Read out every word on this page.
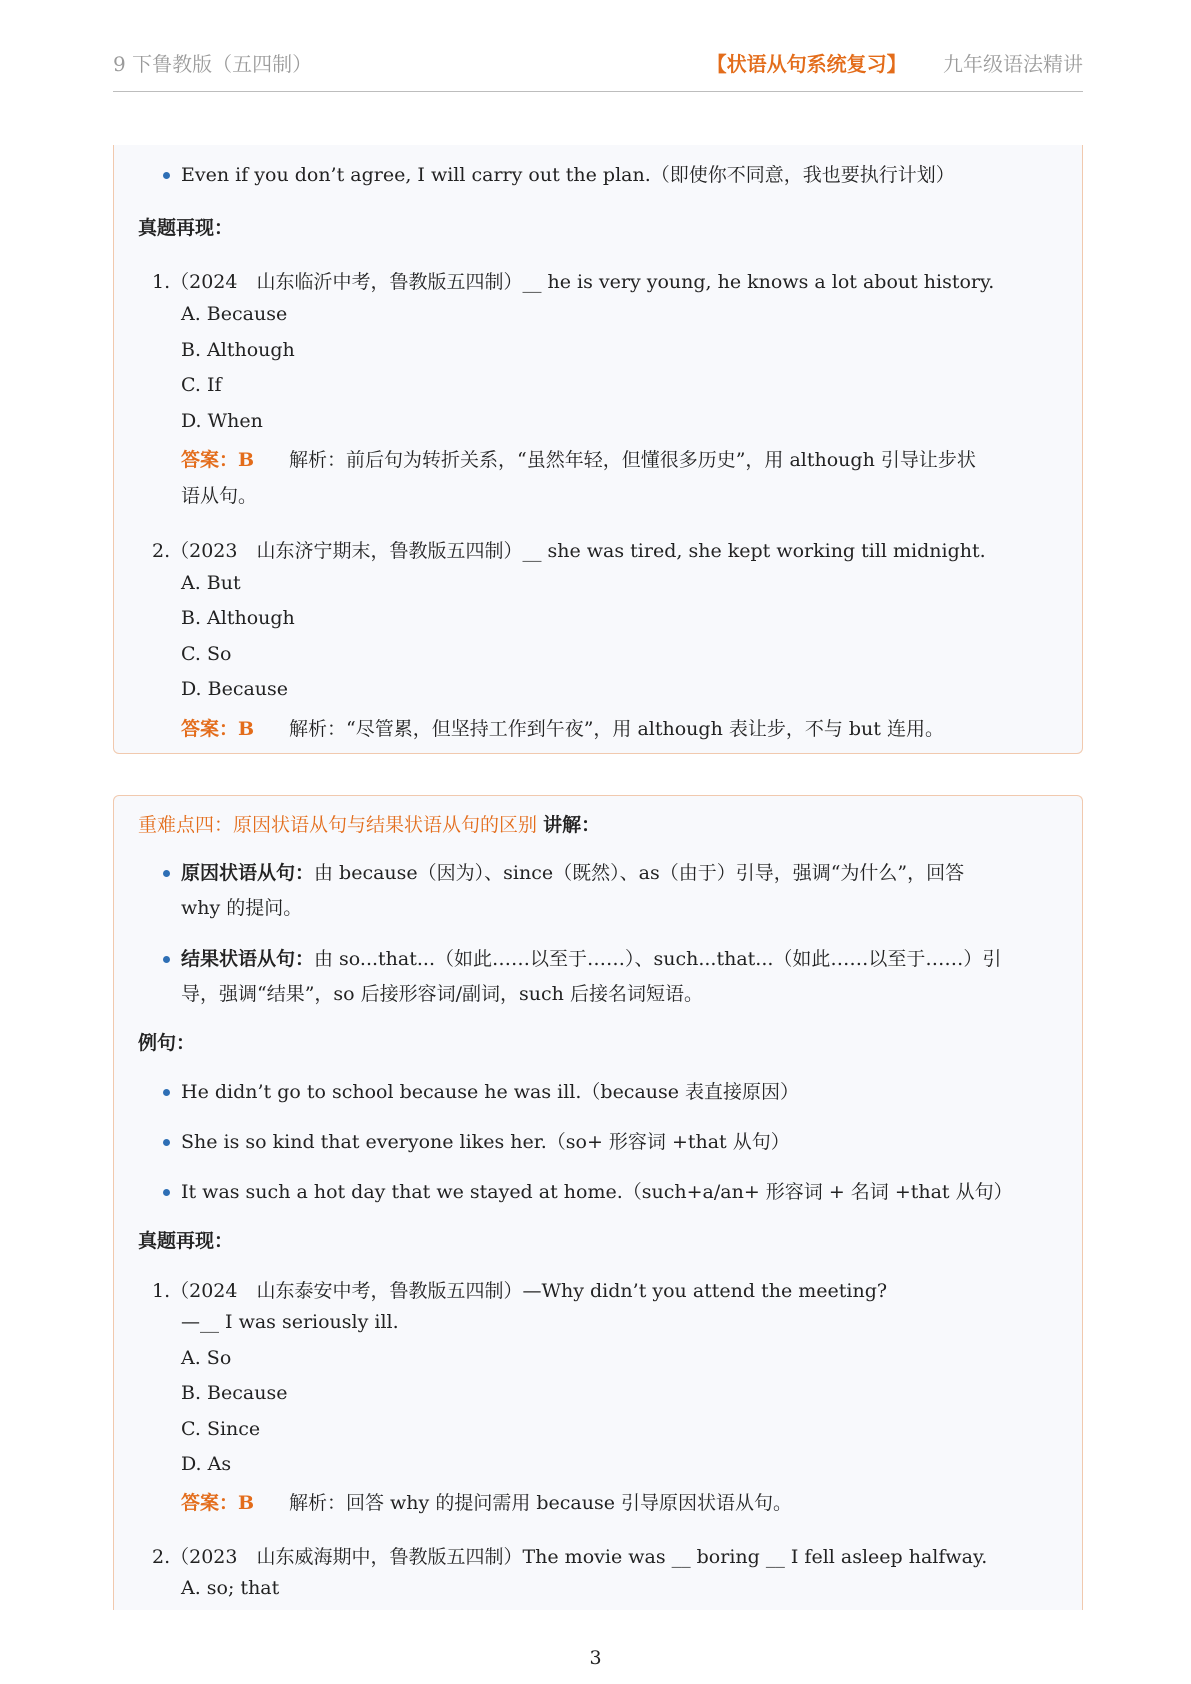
9 下鲁教版（五四制）	【状语从句系统复习】 九年级语法精讲
Even if you don’t agree, I will carry out the plan.（即使你不同意，我也要执行计划）
真题再现：
1.（2024　山东临沂中考，鲁教版五四制）__ he is very young, he knows a lot about history.
A. Because
B. Although
C. If
D. When
答案：B 解析：前后句为转折关系，“虽然年轻，但懂很多历史”，用 although 引导让步状
语从句。
2.（2023　山东济宁期末，鲁教版五四制）__ she was tired, she kept working till midnight.
A. But
B. Although
C. So
D. Because
答案：B 解析：“尽管累，但坚持工作到午夜”，用 although 表让步，不与 but 连用。
重难点四：原因状语从句与结果状语从句的区别 讲解：
原因状语从句：由 because（因为）、since（既然）、as（由于）引导，强调“为什么”，回答
why 的提问。
结果状语从句：由 so...that...（如此……以至于……）、such...that...（如此……以至于……）引
导，强调“结果”，so 后接形容词/副词，such 后接名词短语。
例句：
He didn’t go to school because he was ill.（because 表直接原因）
She is so kind that everyone likes her.（so+ 形容词 +that 从句）
It was such a hot day that we stayed at home.（such+a/an+ 形容词 + 名词 +that 从句）
真题再现：
1.（2024　山东泰安中考，鲁教版五四制）—Why didn’t you attend the meeting?
—__ I was seriously ill.
A. So
B. Because
C. Since
D. As
答案：B 解析：回答 why 的提问需用 because 引导原因状语从句。
2.（2023　山东威海期中，鲁教版五四制）The movie was __ boring __ I fell asleep halfway.
A. so; that
3
